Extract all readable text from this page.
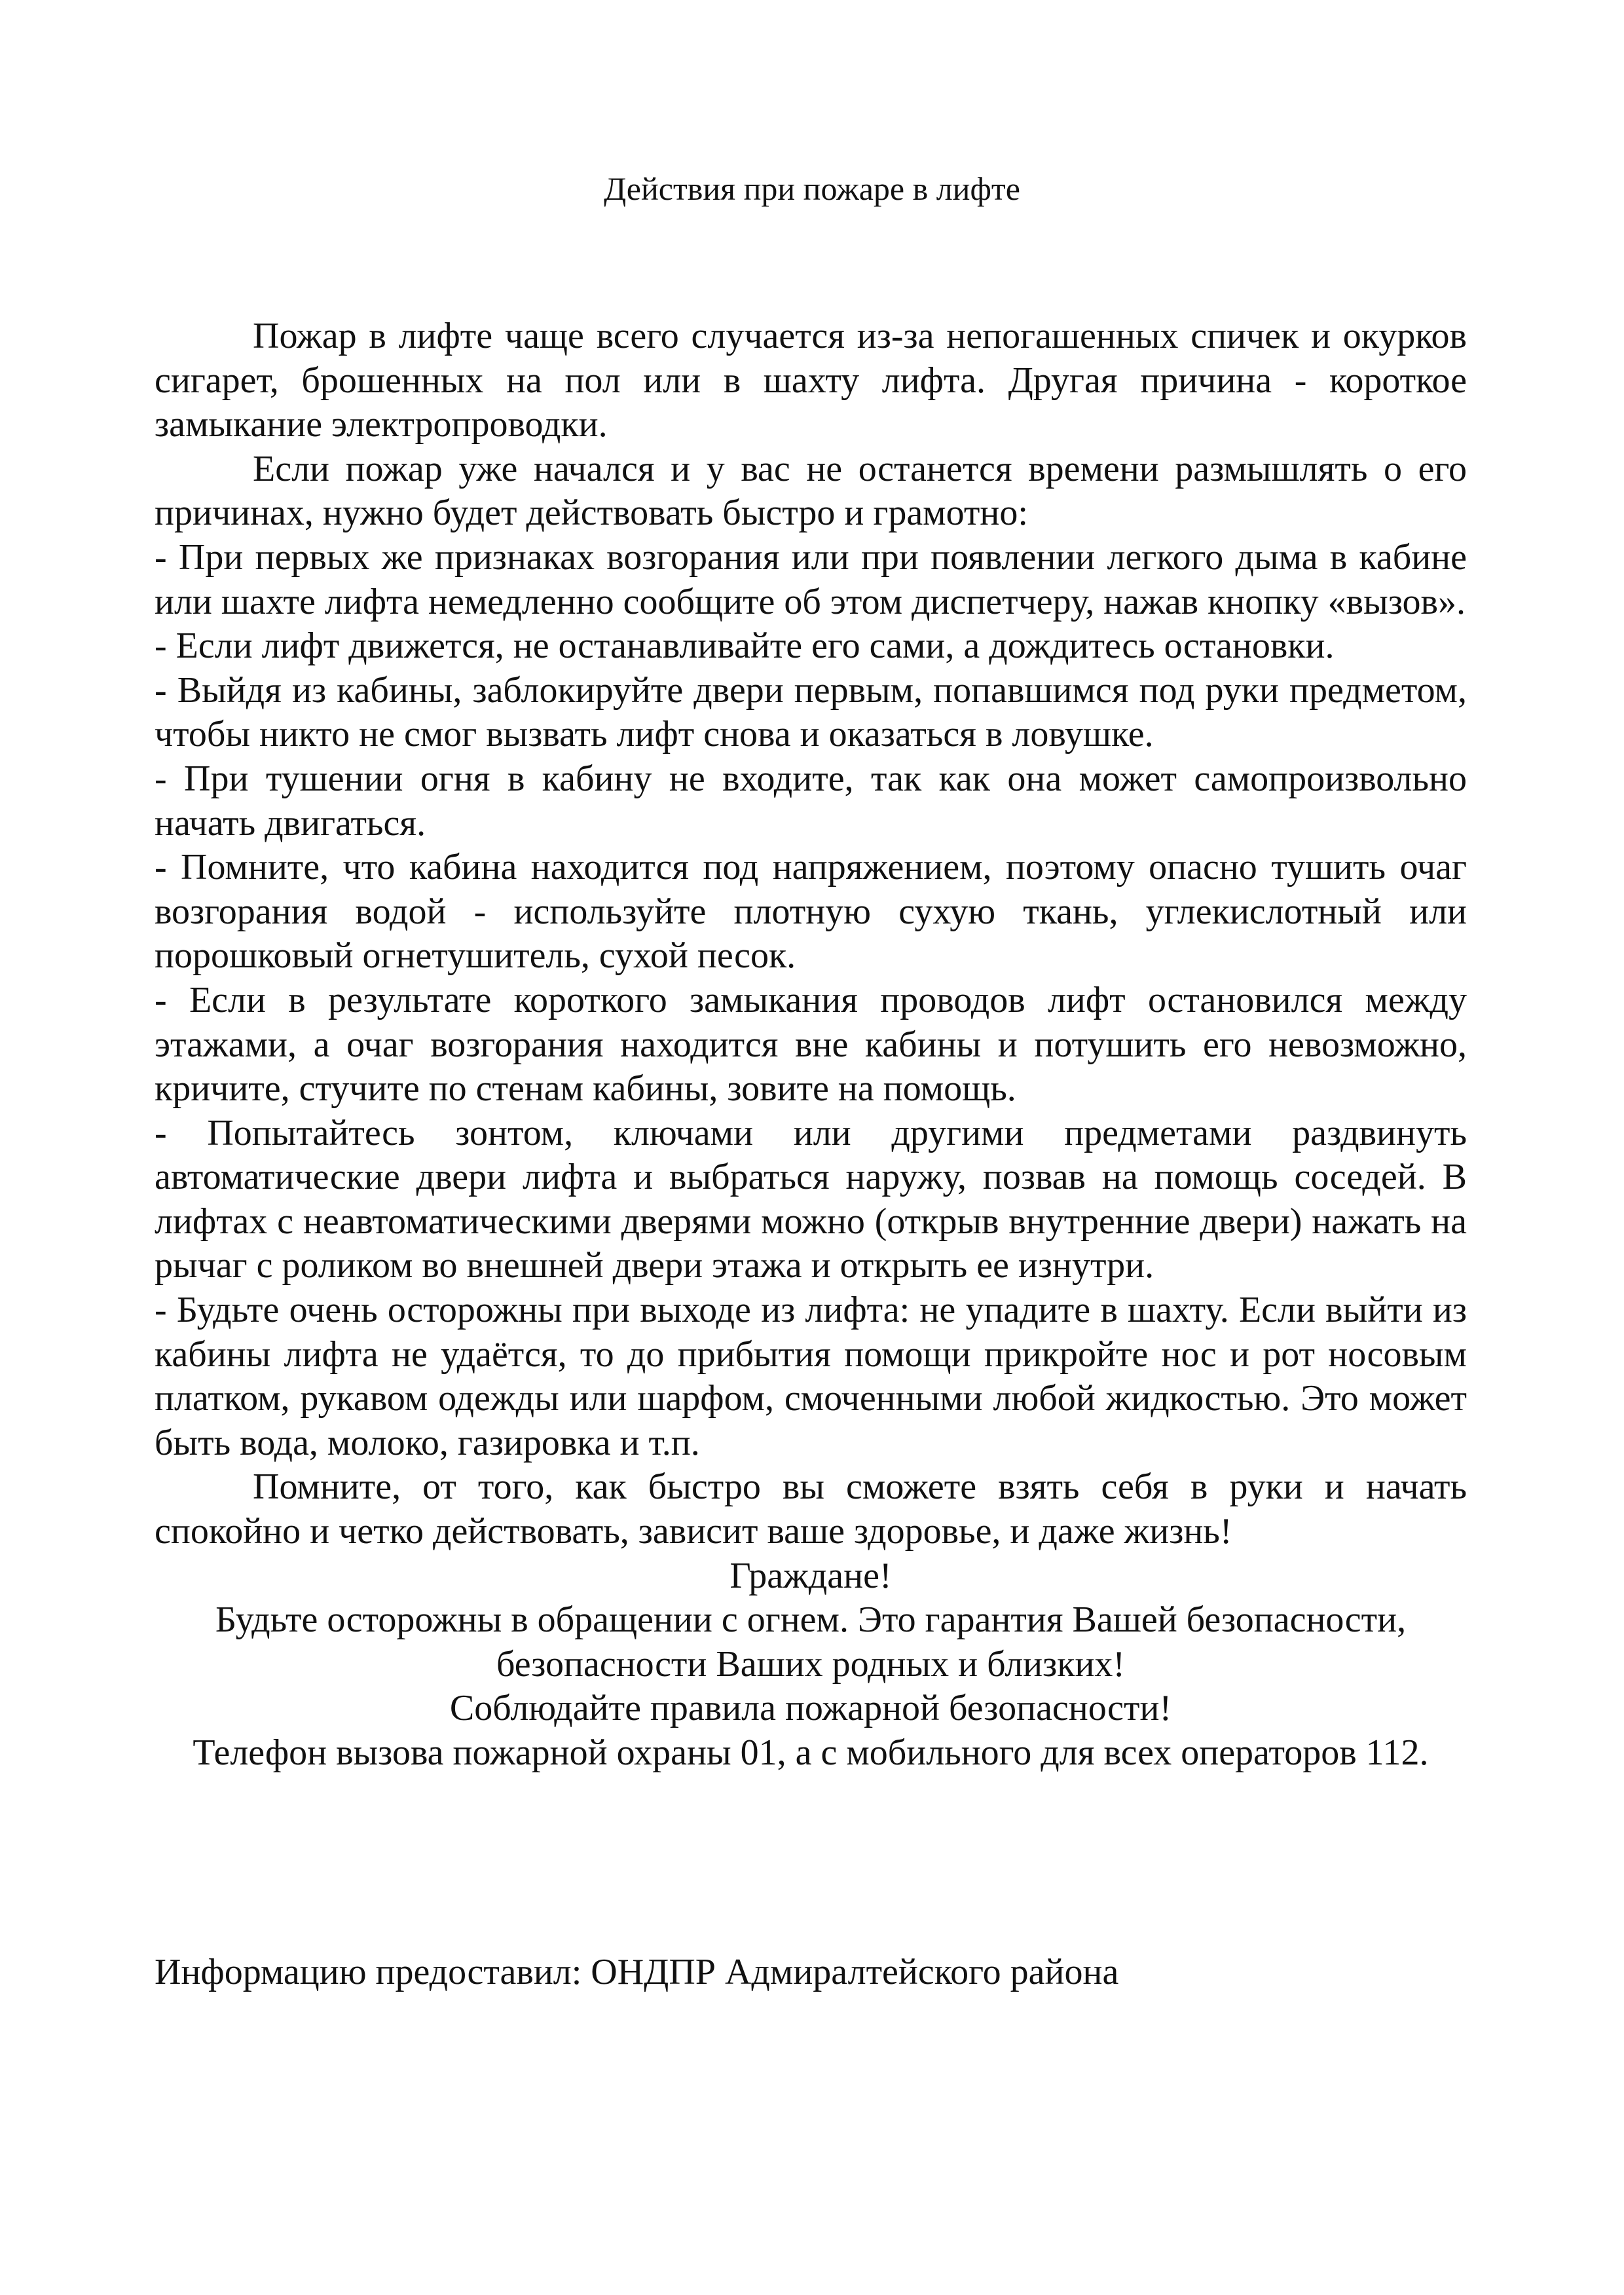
Действия при пожаре в лифте

Пожар в лифте чаще всего случается из-за непогашенных спичек и окурков сигарет, брошенных на пол или в шахту лифта. Другая причина - короткое замыкание электропроводки.

Если пожар уже начался и у вас не останется времени размышлять о его причинах, нужно будет действовать быстро и грамотно:

- При первых же признаках возгорания или при появлении легкого дыма в кабине или шахте лифта немедленно сообщите об этом диспетчеру, нажав кнопку «вызов».

- Если лифт движется, не останавливайте его сами, а дождитесь остановки.

- Выйдя из кабины, заблокируйте двери первым, попавшимся под руки предметом, чтобы никто не смог вызвать лифт снова и оказаться в ловушке.

- При тушении огня в кабину не входите, так как она может самопроизвольно начать двигаться.

- Помните, что кабина находится под напряжением, поэтому опасно тушить очаг возгорания водой - используйте плотную сухую ткань, углекислотный или порошковый огнетушитель, сухой песок.

- Если в результате короткого замыкания проводов лифт остановился между этажами, а очаг возгорания находится вне кабины и потушить его невозможно, кричите, стучите по стенам кабины, зовите на помощь.

- Попытайтесь зонтом, ключами или другими предметами раздвинуть автоматические двери лифта и выбраться наружу, позвав на помощь соседей. В лифтах с неавтоматическими дверями можно (открыв внутренние двери) нажать на рычаг с роликом во внешней двери этажа и открыть ее изнутри.

- Будьте очень осторожны при выходе из лифта: не упадите в шахту. Если выйти из кабины лифта не удаётся, то до прибытия помощи прикройте нос и рот носовым платком, рукавом одежды или шарфом, смоченными любой жидкостью. Это может быть вода, молоко, газировка и т.п.

Помните, от того, как быстро вы сможете взять себя в руки и начать спокойно и четко действовать, зависит ваше здоровье, и даже жизнь!

Граждане!

Будьте осторожны в обращении с огнем. Это гарантия Вашей безопасности,

безопасности Ваших родных и близких!

Соблюдайте правила пожарной безопасности!

Телефон вызова пожарной охраны 01, а с мобильного для всех операторов 112.

Информацию предоставил: ОНДПР Адмиралтейского района
